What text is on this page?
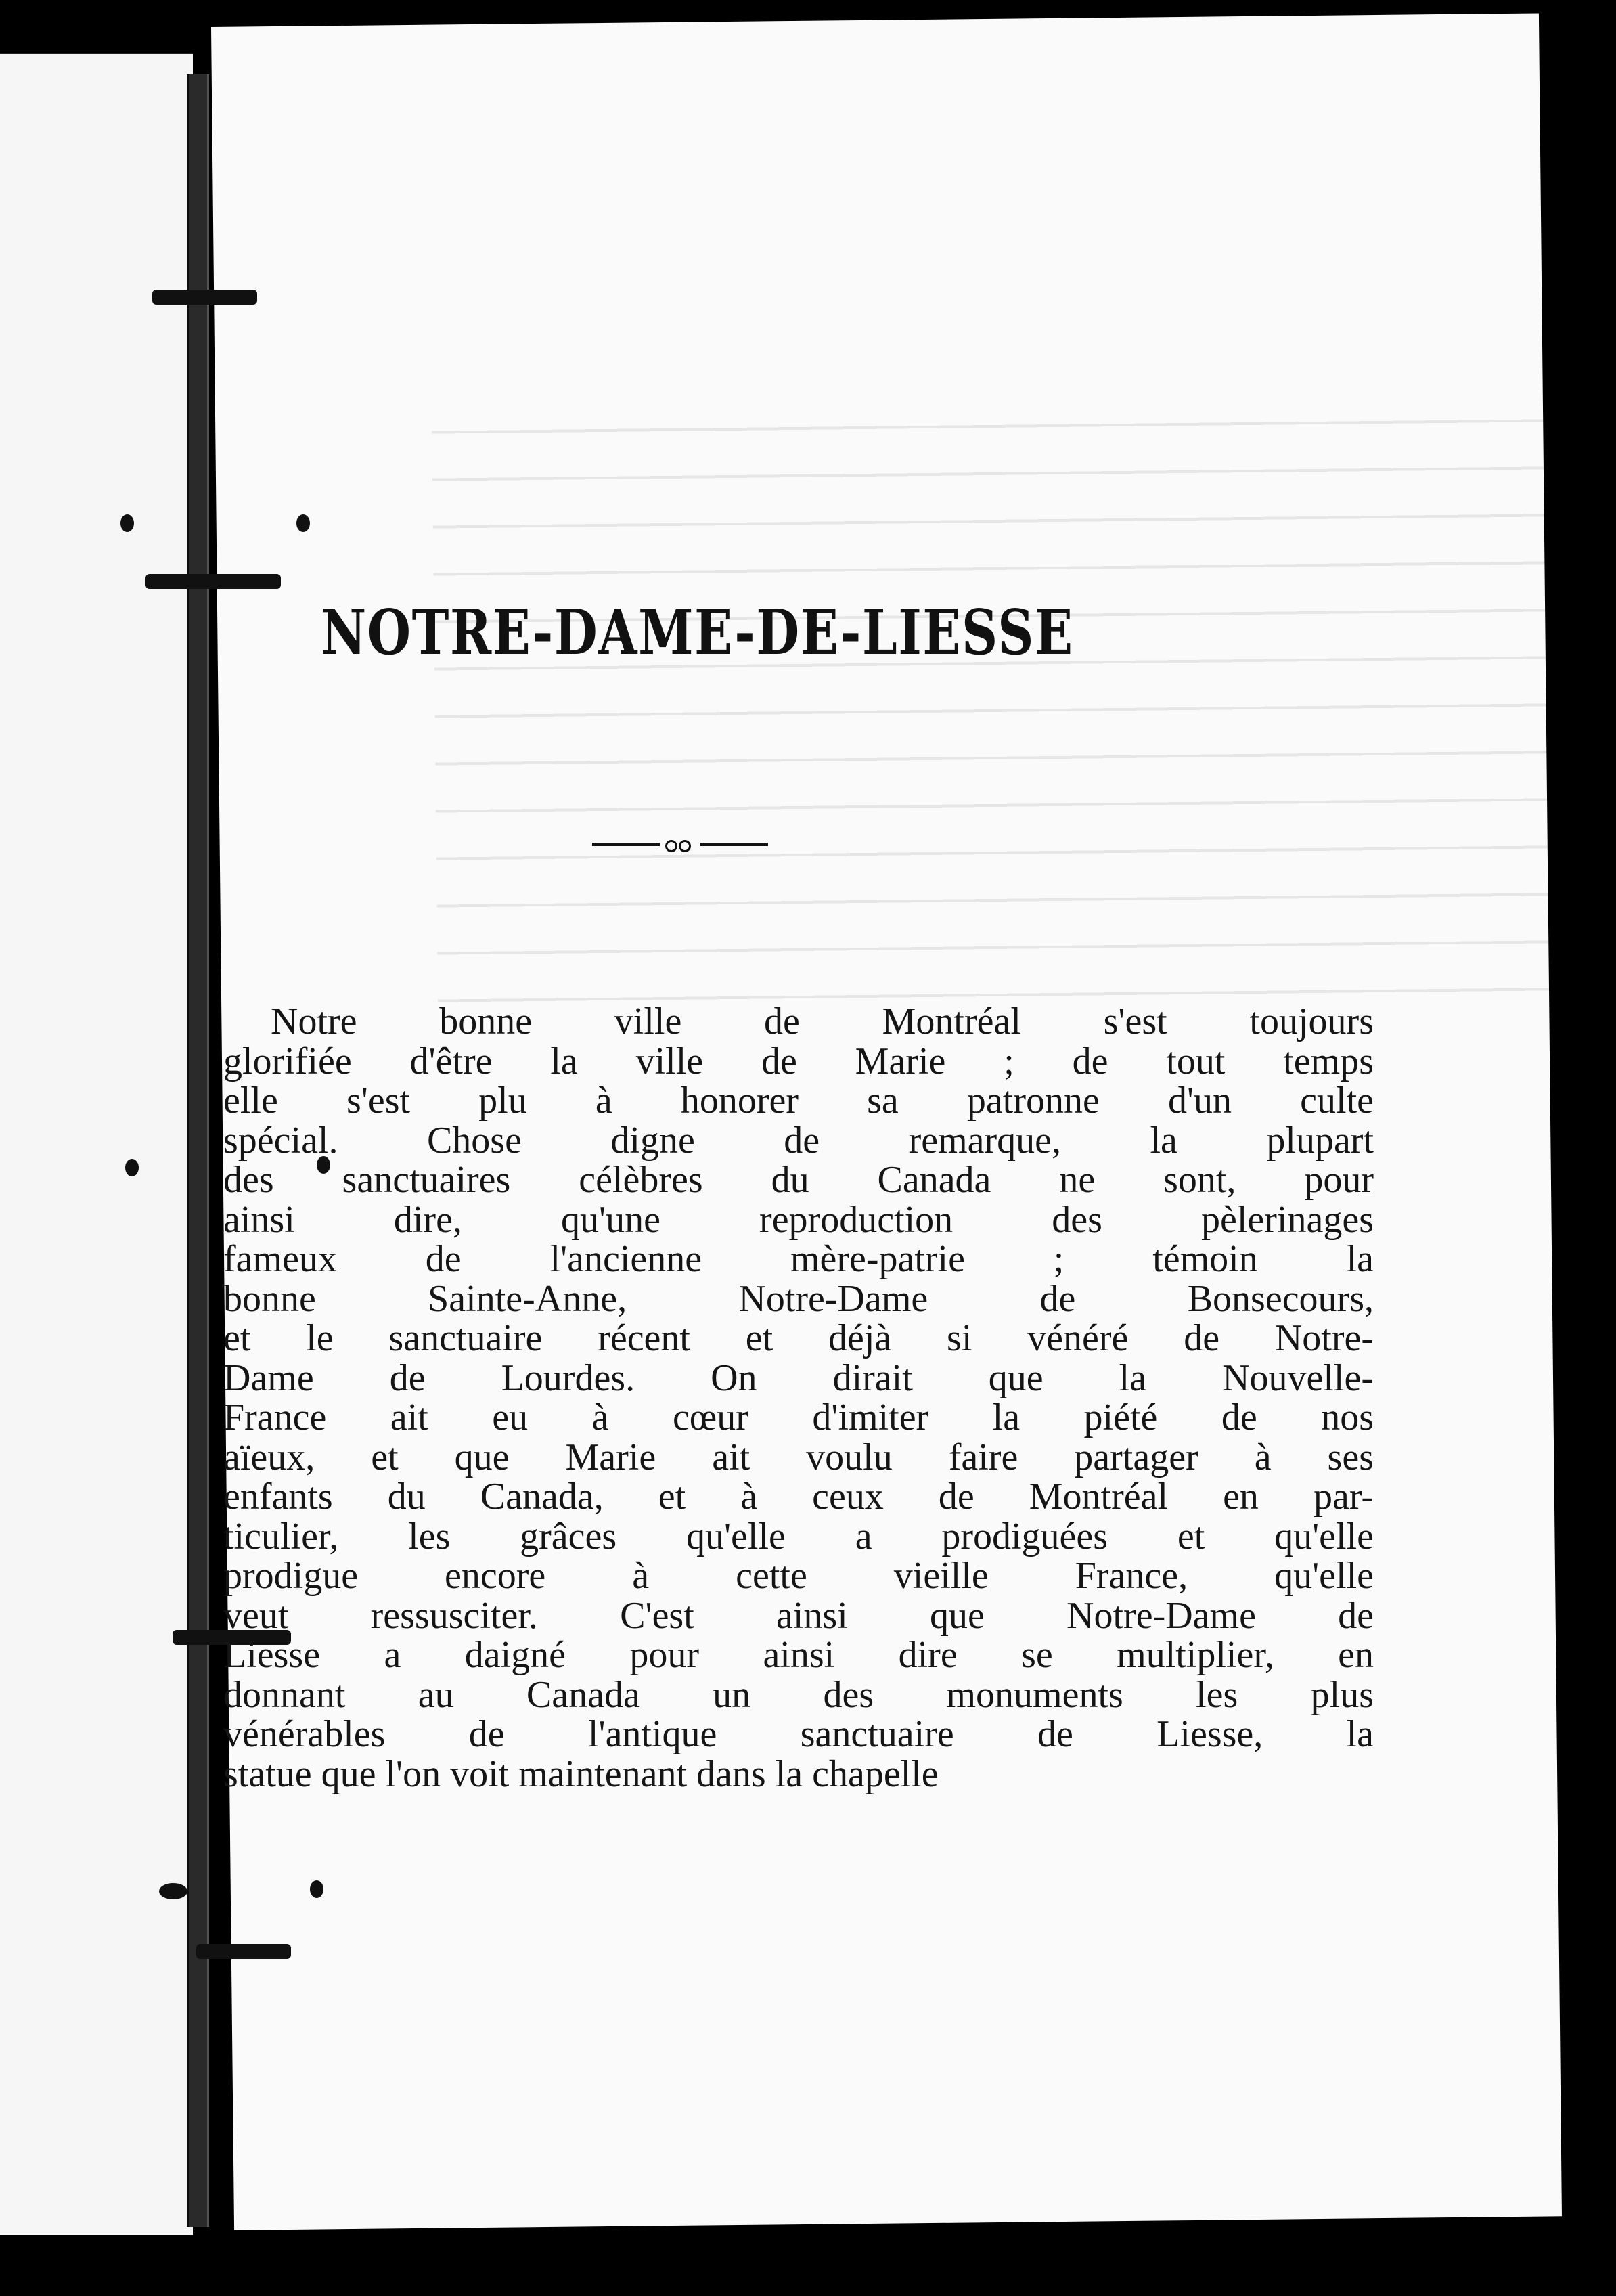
NOTRE-DAME-DE-LIESSE
Notre bonne ville de Montréal s'est toujours
glorifiée d'être la ville de Marie ; de tout temps
elle s'est plu à honorer sa patronne d'un culte
spécial. Chose digne de remarque, la plupart
des sanctuaires célèbres du Canada ne sont, pour
ainsi dire, qu'une reproduction des pèlerinages
fameux de l'ancienne mère-patrie ; témoin la
bonne Sainte-Anne, Notre-Dame de Bonsecours,
et le sanctuaire récent et déjà si vénéré de Notre-
Dame de Lourdes. On dirait que la Nouvelle-
France ait eu à cœur d'imiter la piété de nos
aïeux, et que Marie ait voulu faire partager à ses
enfants du Canada, et à ceux de Montréal en par-
ticulier, les grâces qu'elle a prodiguées et qu'elle
prodigue encore à cette vieille France, qu'elle
veut ressusciter. C'est ainsi que Notre-Dame de
Liesse a daigné pour ainsi dire se multiplier, en
donnant au Canada un des monuments les plus
vénérables de l'antique sanctuaire de Liesse, la
statue que l'on voit maintenant dans la chapelle
